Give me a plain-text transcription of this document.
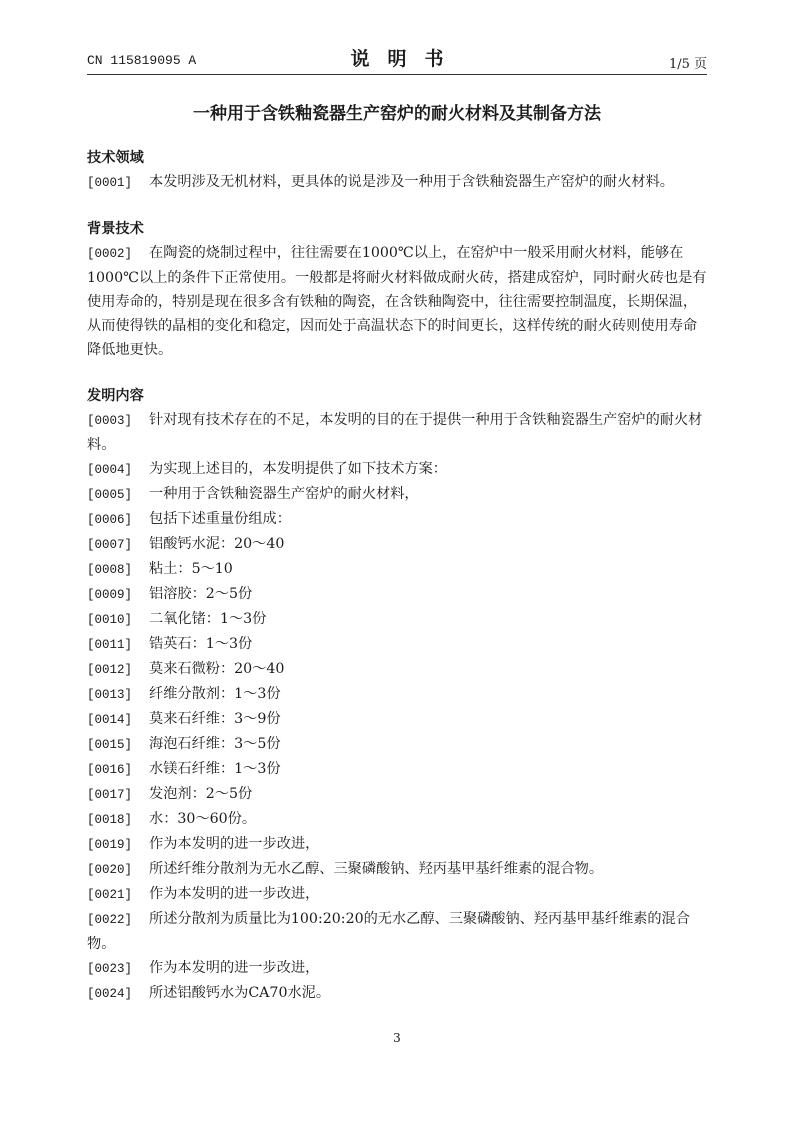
CN 115819095 A	说明书	1/5 页
一种用于含铁釉瓷器生产窑炉的耐火材料及其制备方法
技术领域

[0001] 本发明涉及无机材料，更具体的说是涉及一种用于含铁釉瓷器生产窑炉的耐火材料。

背景技术

[0002] 在陶瓷的烧制过程中，往往需要在1000℃以上，在窑炉中一般采用耐火材料，能够在1000℃以上的条件下正常使用。一般都是将耐火材料做成耐火砖，搭建成窑炉，同时耐火砖也是有使用寿命的，特别是现在很多含有铁釉的陶瓷，在含铁釉陶瓷中，往往需要控制温度，长期保温，从而使得铁的晶相的变化和稳定，因而处于高温状态下的时间更长，这样传统的耐火砖则使用寿命降低地更快。

发明内容

[0003] 针对现有技术存在的不足，本发明的目的在于提供一种用于含铁釉瓷器生产窑炉的耐火材料。

[0004] 为实现上述目的，本发明提供了如下技术方案：

[0005] 一种用于含铁釉瓷器生产窑炉的耐火材料，

[0006] 包括下述重量份组成：

[0007] 铝酸钙水泥：20～40

[0008] 粘土：5～10

[0009] 铝溶胶：2～5份

[0010] 二氧化锗：1～3份

[0011] 锆英石：1～3份

[0012] 莫来石微粉：20～40

[0013] 纤维分散剂：1～3份

[0014] 莫来石纤维：3～9份

[0015] 海泡石纤维：3～5份

[0016] 水镁石纤维：1～3份

[0017] 发泡剂：2～5份

[0018] 水：30～60份。

[0019] 作为本发明的进一步改进，

[0020] 所述纤维分散剂为无水乙醇、三聚磷酸钠、羟丙基甲基纤维素的混合物。

[0021] 作为本发明的进一步改进，

[0022] 所述分散剂为质量比为100:20:20的无水乙醇、三聚磷酸钠、羟丙基甲基纤维素的混合物。

[0023] 作为本发明的进一步改进，

[0024] 所述铝酸钙水为CA70水泥。

3
